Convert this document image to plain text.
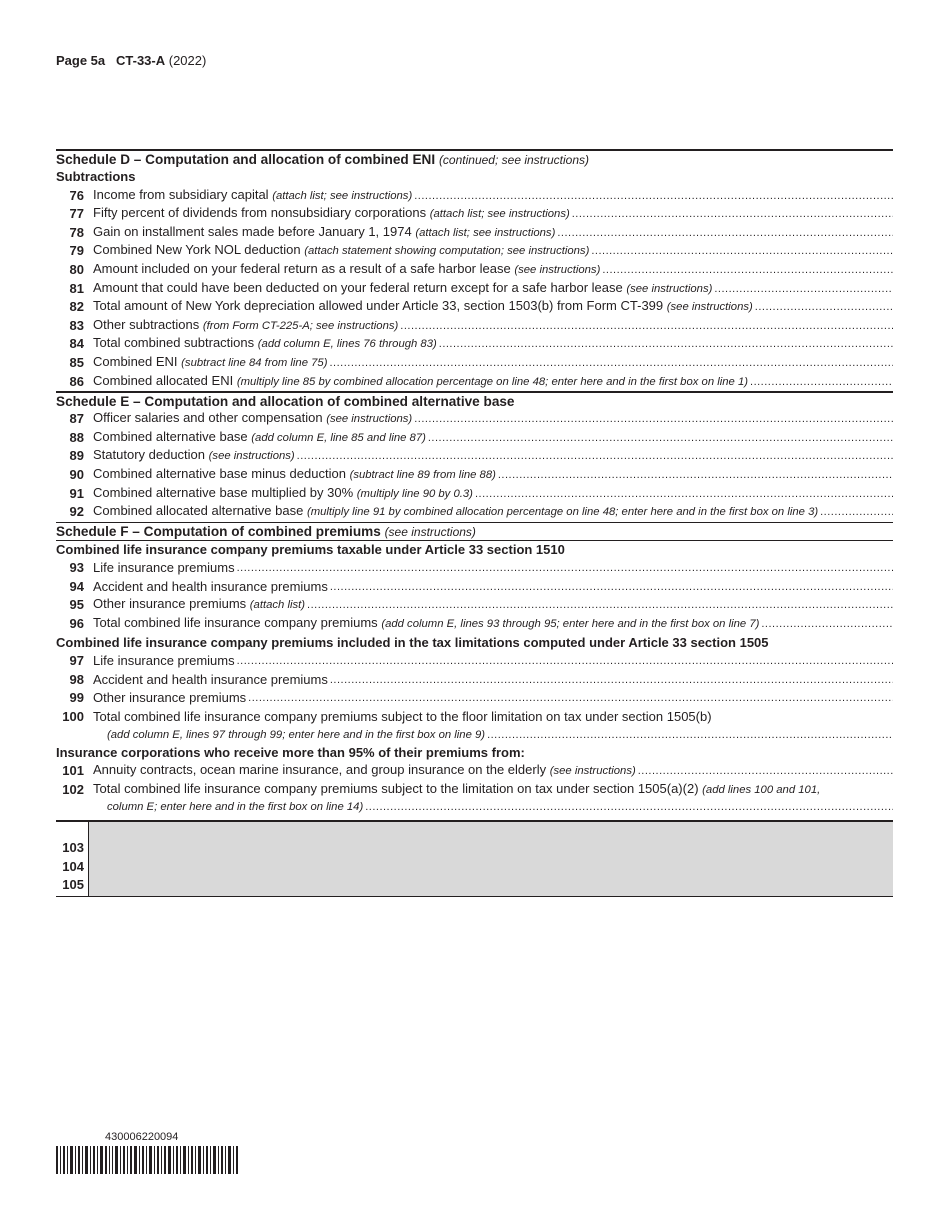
Page 5a CT-33-A (2022)
Schedule D – Computation and allocation of combined ENI (continued; see instructions)
Subtractions
76 Income from subsidiary capital (attach list; see instructions)
.....
77 Fifty percent of dividends from nonsubsidiary corporations (attach list; see instructions)
.....
78 Gain on installment sales made before January 1, 1974 (attach list; see instructions)
.....
79 Combined New York NOL deduction (attach statement showing computation; see instructions)
.....
80 Amount included on your federal return as a result of a safe harbor lease (see instructions)
.....
81 Amount that could have been deducted on your federal return except for a safe harbor lease (see instructions)
.....
82 Total amount of New York depreciation allowed under Article 33, section 1503(b) from Form CT-399 (see instructions)
.....
83 Other subtractions (from Form CT-225-A; see instructions)
.....
84 Total combined subtractions (add column E, lines 76 through 83)
.....
85 Combined ENI (subtract line 84 from line 75)
.....
86 Combined allocated ENI (multiply line 85 by combined allocation percentage on line 48; enter here and in the first box on line 1)
.....
Schedule E – Computation and allocation of combined alternative base
87 Officer salaries and other compensation (see instructions)
.....
88 Combined alternative base (add column E, line 85 and line 87)
.....
89 Statutory deduction (see instructions)
.....
90 Combined alternative base minus deduction (subtract line 89 from line 88)
.....
91 Combined alternative base multiplied by 30% (multiply line 90 by 0.3)
.....
92 Combined allocated alternative base (multiply line 91 by combined allocation percentage on line 48; enter here and in the first box on line 3)
.....
Schedule F – Computation of combined premiums (see instructions)
Combined life insurance company premiums taxable under Article 33 section 1510
93 Life insurance premiums
.....
94 Accident and health insurance premiums
.....
95 Other insurance premiums (attach list)
.....
96 Total combined life insurance company premiums (add column E, lines 93 through 95; enter here and in the first box on line 7)
.....
Combined life insurance company premiums included in the tax limitations computed under Article 33 section 1505
97 Life insurance premiums
.....
98 Accident and health insurance premiums
.....
99 Other insurance premiums
.....
100 Total combined life insurance company premiums subject to the floor limitation on tax under section 1505(b)
(add column E, lines 97 through 99; enter here and in the first box on line 9)
.....
Insurance corporations who receive more than 95% of their premiums from:
101 Annuity contracts, ocean marine insurance, and group insurance on the elderly (see instructions)
.....
102 Total combined life insurance company premiums subject to the limitation on tax under section 1505(a)(2) (add lines 100 and 101,
column E; enter here and in the first box on line 14)
.....
103
104
105
430006220094
